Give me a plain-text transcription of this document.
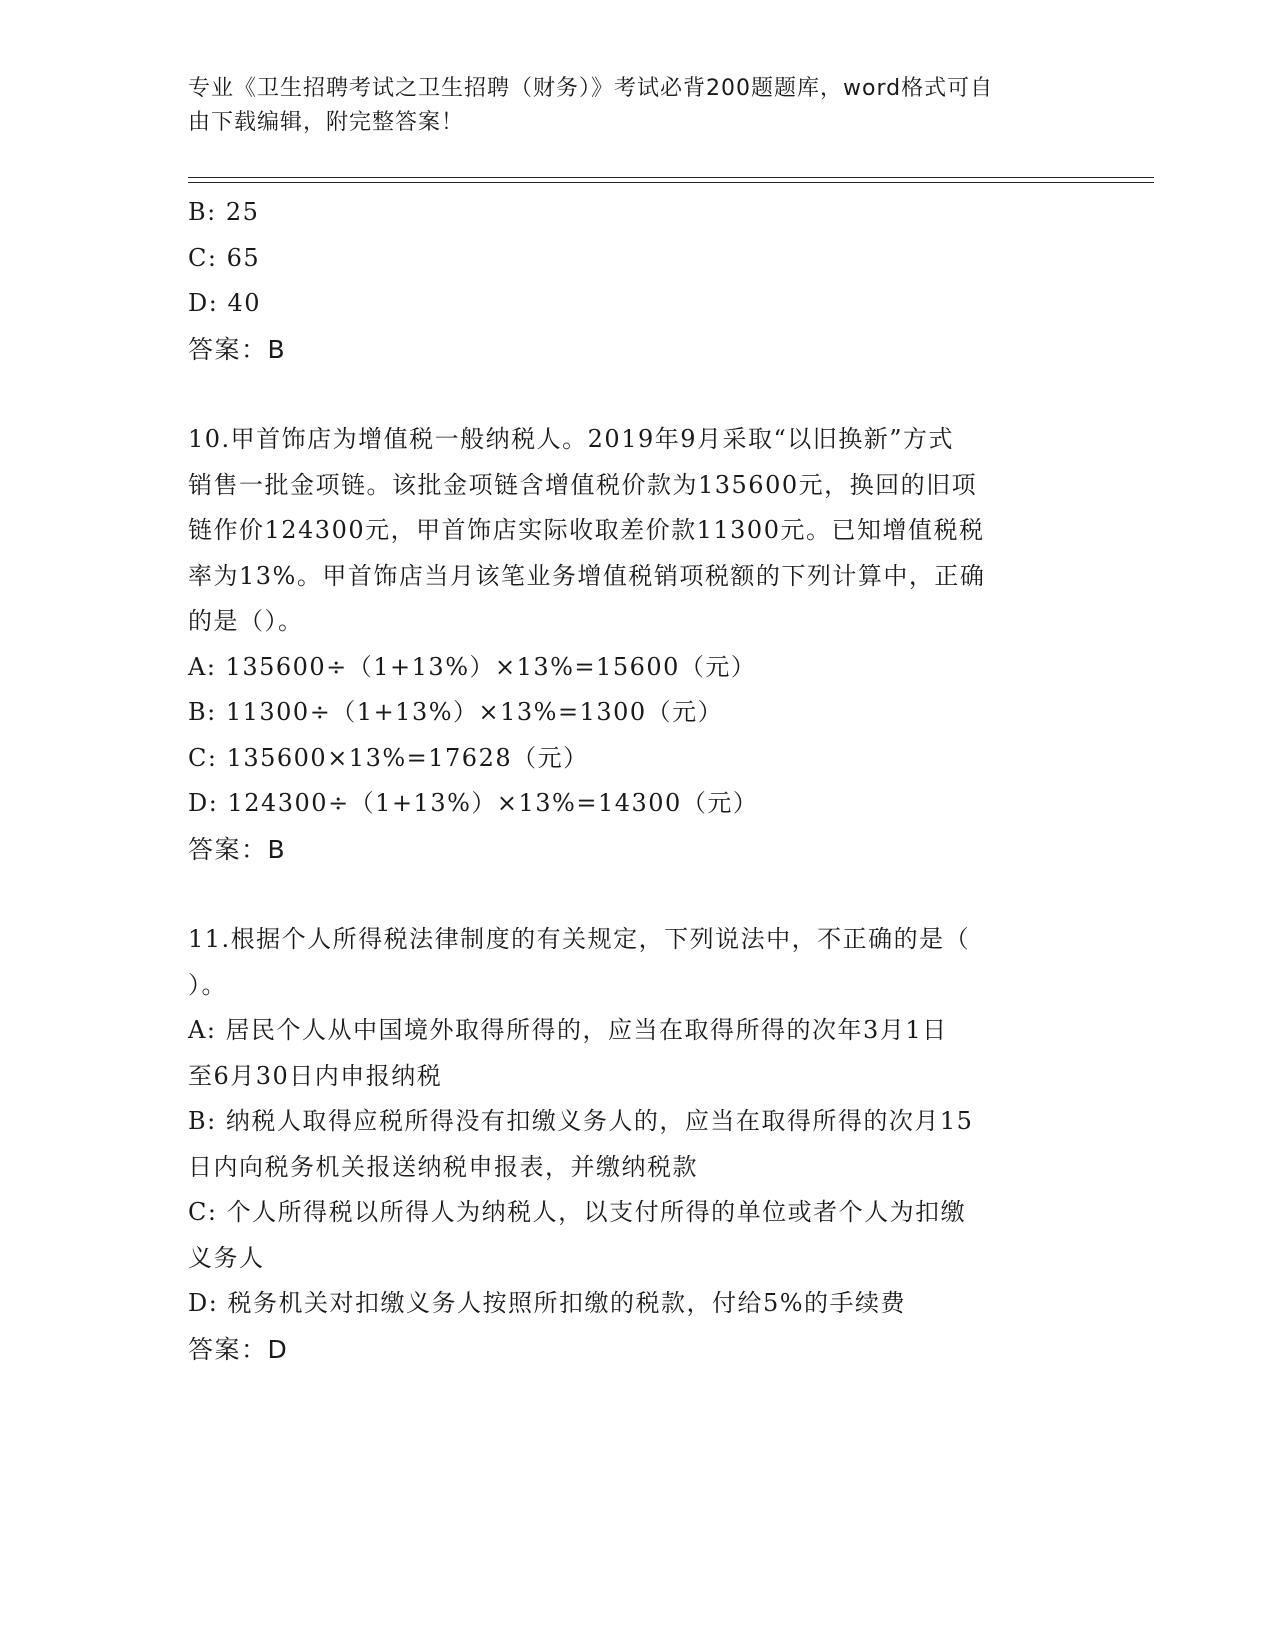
专业《卫生招聘考试之卫生招聘（财务）》考试必背200题题库，word格式可自
由下载编辑，附完整答案！

B: 25

C: 65

D: 40

答案：B

10.甲首饰店为增值税一般纳税人。2019年9月采取“以旧换新”方式

销售一批金项链。该批金项链含增值税价款为135600元，换回的旧项

链作价124300元，甲首饰店实际收取差价款11300元。已知增值税税

率为13%。甲首饰店当月该笔业务增值税销项税额的下列计算中，正确

的是（）。

A: 135600÷（1+13%）×13%=15600（元）

B: 11300÷（1+13%）×13%=1300（元）

C: 135600×13%=17628（元）

D: 124300÷（1+13%）×13%=14300（元）

答案：B

11.根据个人所得税法律制度的有关规定，下列说法中，不正确的是（

）。

A: 居民个人从中国境外取得所得的，应当在取得所得的次年3月1日

至6月30日内申报纳税

B: 纳税人取得应税所得没有扣缴义务人的，应当在取得所得的次月15

日内向税务机关报送纳税申报表，并缴纳税款

C: 个人所得税以所得人为纳税人，以支付所得的单位或者个人为扣缴

义务人

D: 税务机关对扣缴义务人按照所扣缴的税款，付给5%的手续费

答案：D
